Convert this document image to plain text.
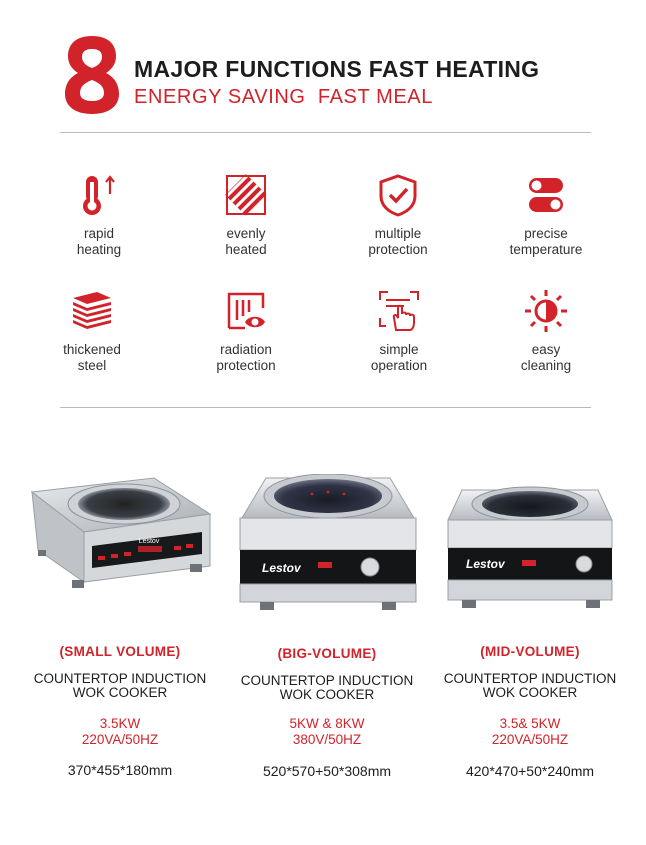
MAJOR FUNCTIONS FAST HEATING
ENERGY SAVING  FAST MEAL
rapid
heating
evenly
heated
multiple
protection
precise
temperature
thickened
steel
radiation
protection
simple
operation
easy
cleaning
Lestov
Lestov	Lestov
(SMALL VOLUME)
COUNTERTOP INDUCTION
WOK COOKER
3.5KW
220VA/50HZ
370*455*180mm
(BIG-VOLUME)
COUNTERTOP INDUCTION
WOK COOKER
5KW & 8KW
380V/50HZ
520*570+50*308mm
(MID-VOLUME)
COUNTERTOP INDUCTION
WOK COOKER
3.5& 5KW
220VA/50HZ
420*470+50*240mm
